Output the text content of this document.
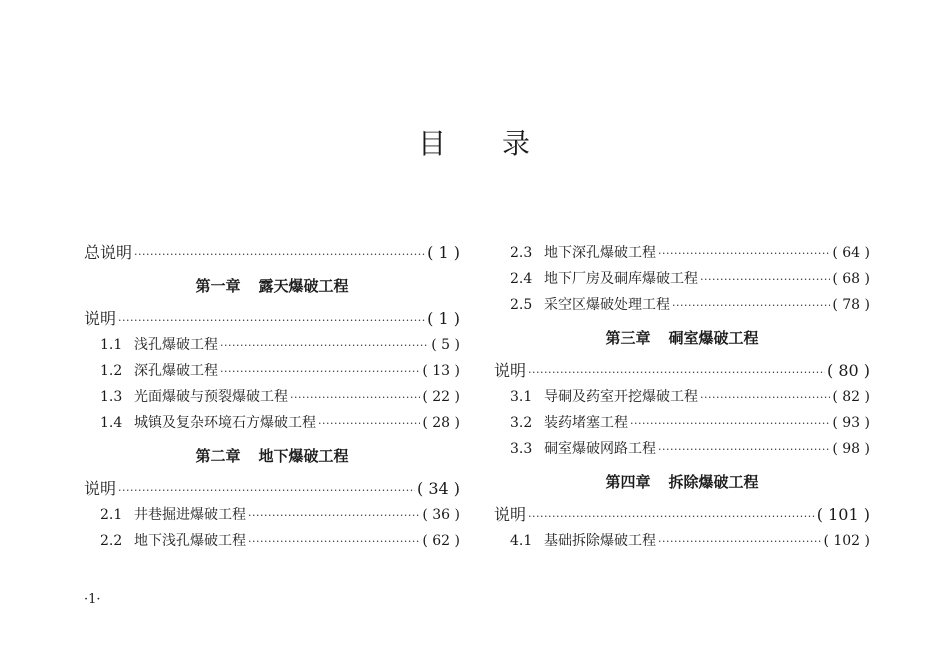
目 录
总说明 ·····	( 1 )
第一章 露天爆破工程
说明 ·····	( 1 )
1.1 浅孔爆破工程 ·····	( 5 )
1.2 深孔爆破工程 ·····	( 13 )
1.3 光面爆破与预裂爆破工程 ·····	( 22 )
1.4 城镇及复杂环境石方爆破工程 ·····	( 28 )
第二章 地下爆破工程
说明 ·····	( 34 )
2.1 井巷掘进爆破工程 ·····	( 36 )
2.2 地下浅孔爆破工程 ·····	( 62 )
2.3 地下深孔爆破工程 ·····	( 64 )
2.4 地下厂房及硐库爆破工程 ·····	( 68 )
2.5 采空区爆破处理工程 ·····	( 78 )
第三章 硐室爆破工程
说明 ·····	( 80 )
3.1 导硐及药室开挖爆破工程 ·····	( 82 )
3.2 装药堵塞工程 ·····	( 93 )
3.3 硐室爆破网路工程 ·····	( 98 )
第四章 拆除爆破工程
说明 ·····	( 101 )
4.1 基础拆除爆破工程 ·····	( 102 )
·1·
